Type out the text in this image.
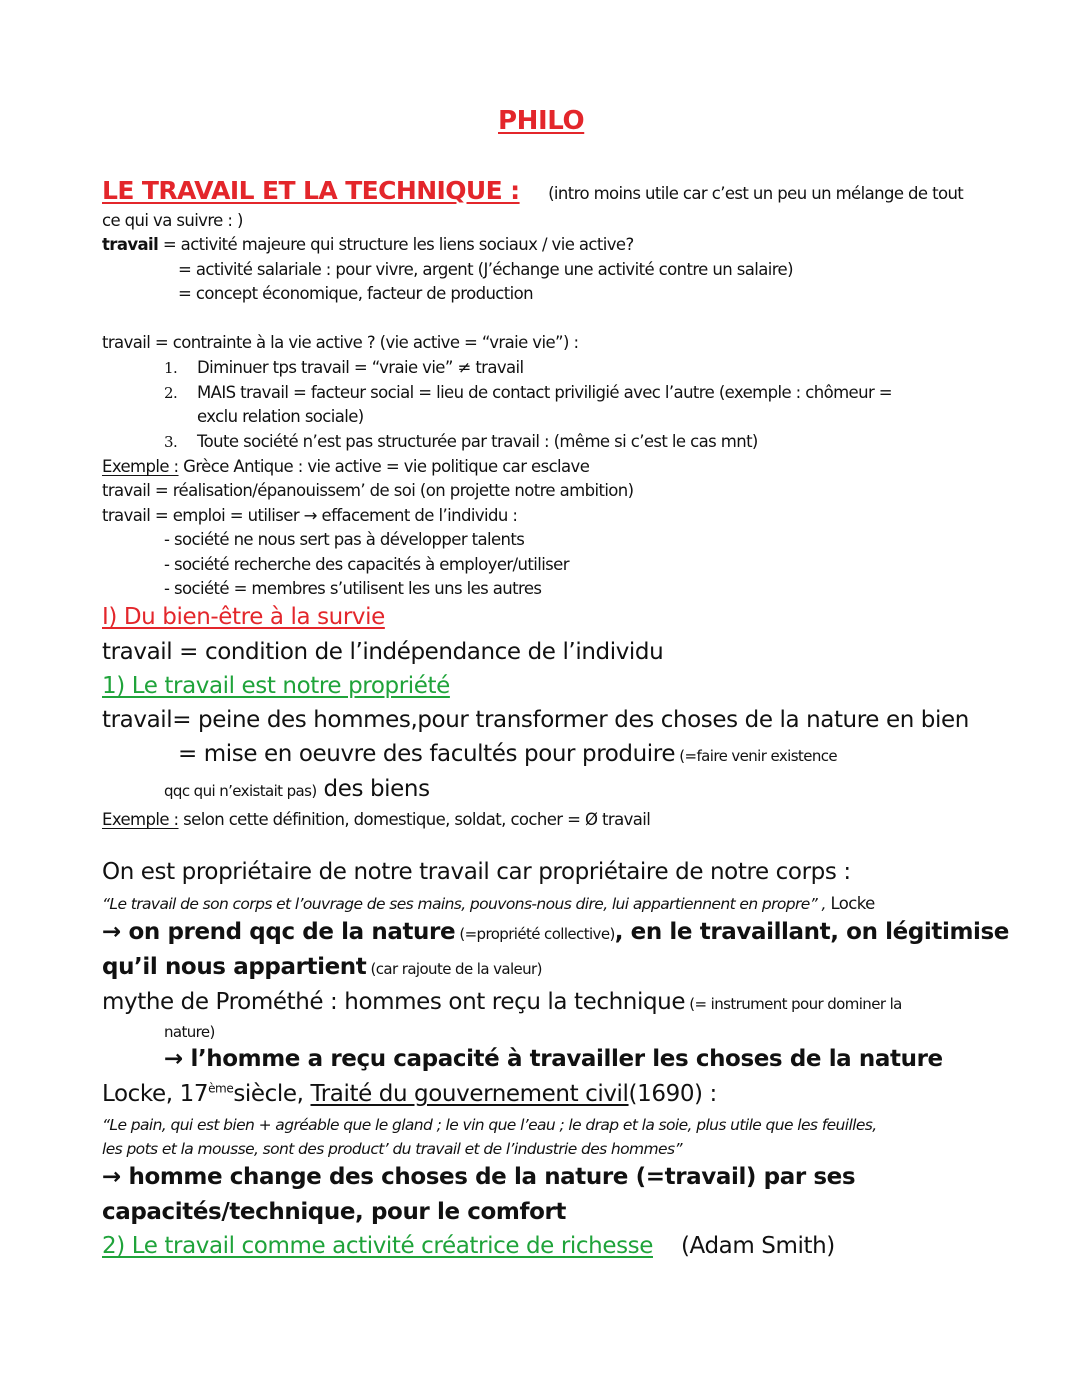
PHILO
LE TRAVAIL ET LA TECHNIQUE : (intro moins utile car c’est un peu un mélange de tout
ce qui va suivre : )
travail = activité majeure qui structure les liens sociaux / vie active?
= activité salariale : pour vivre, argent (J’échange une activité contre un salaire)
= concept économique, facteur de production
travail = contrainte à la vie active ? (vie active = “vraie vie”) :
1. Diminuer tps travail = “vraie vie” ≠ travail
2. MAIS travail = facteur social = lieu de contact priviligié avec l’autre (exemple : chômeur =
exclu relation sociale)
3. Toute société n’est pas structurée par travail : (même si c’est le cas mnt)
Exemple : Grèce Antique : vie active = vie politique car esclave
travail = réalisation/épanouissem’ de soi (on projette notre ambition)
travail = emploi = utiliser → effacement de l’individu :
- société ne nous sert pas à développer talents
- société recherche des capacités à employer/utiliser
- société = membres s’utilisent les uns les autres
I) Du bien-être à la survie
travail = condition de l’indépendance de l’individu
1) Le travail est notre propriété
travail= peine des hommes,pour transformer des choses de la nature en bien
= mise en oeuvre des facultés pour produire (=faire venir existence
qqc qui n’existait pas) des biens
Exemple : selon cette définition, domestique, soldat, cocher = Ø travail
On est propriétaire de notre travail car propriétaire de notre corps :
“Le travail de son corps et l’ouvrage de ses mains, pouvons-nous dire, lui appartiennent en propre” , Locke
→ on prend qqc de la nature (=propriété collective), en le travaillant, on légitimise
qu’il nous appartient (car rajoute de la valeur)
mythe de Prométhé : hommes ont reçu la technique (= instrument pour dominer la
nature)
→ l’homme a reçu capacité à travailler les choses de la nature
Locke, 17èmesiècle, Traité du gouvernement civil(1690) :
“Le pain, qui est bien + agréable que le gland ; le vin que l’eau ; le drap et la soie, plus utile que les feuilles,
les pots et la mousse, sont des product’ du travail et de l’industrie des hommes”
→ homme change des choses de la nature (=travail) par ses
capacités/technique, pour le comfort
2) Le travail comme activité créatrice de richesse (Adam Smith)
